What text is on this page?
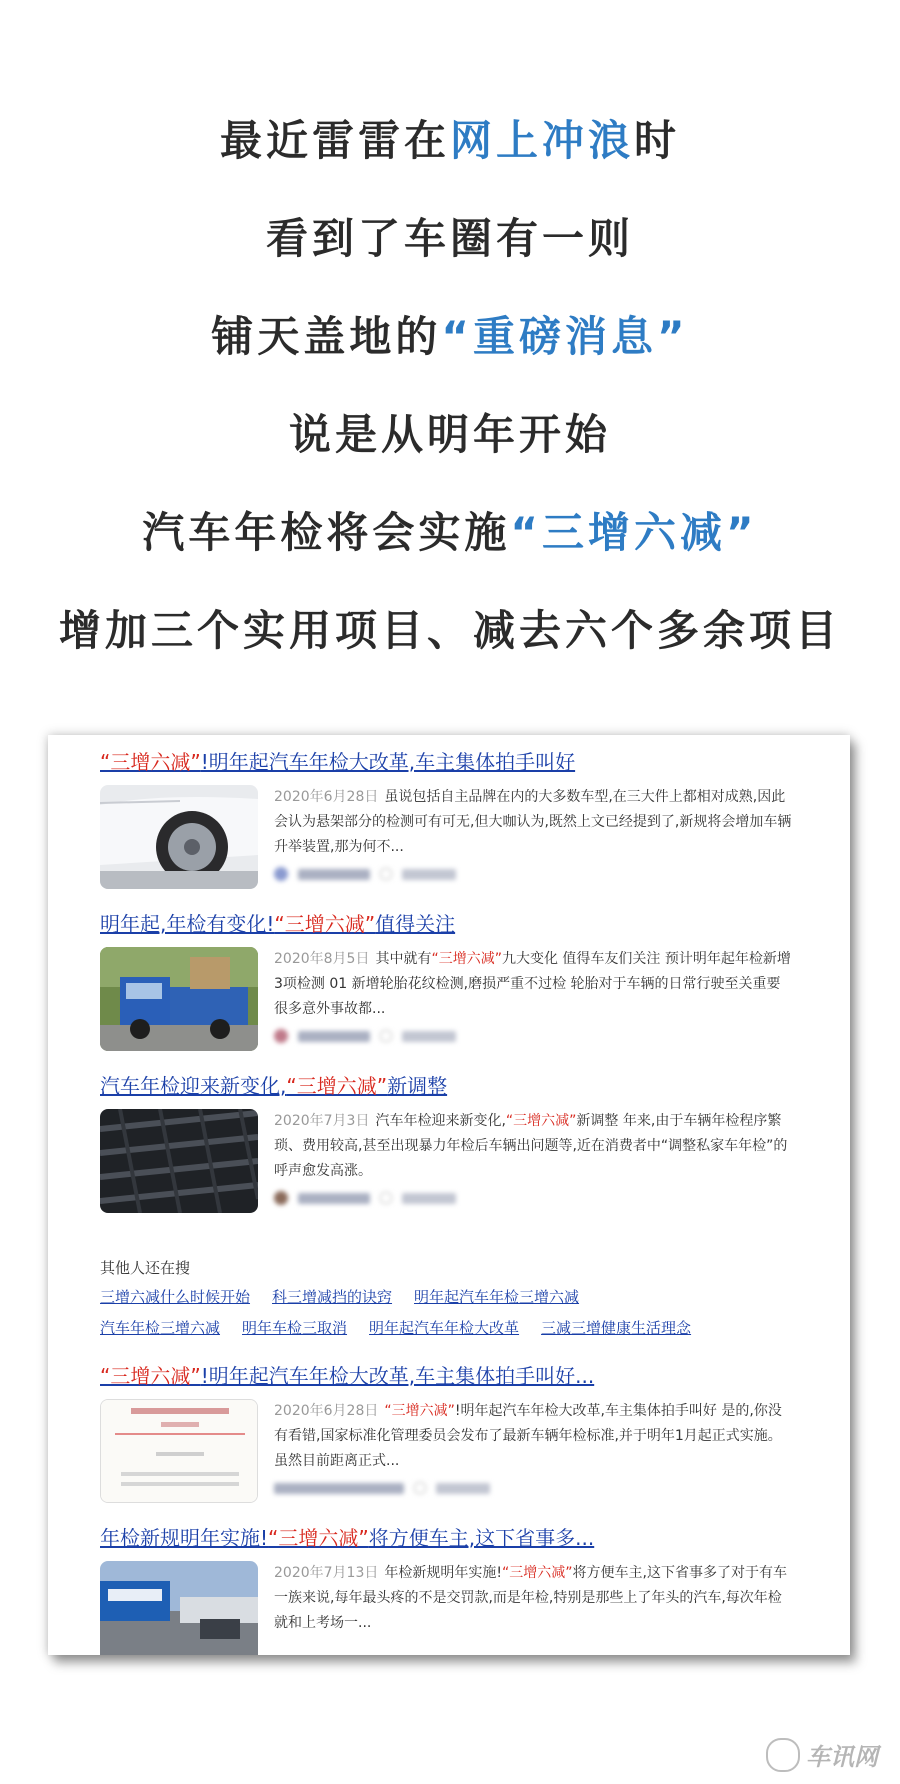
最近雷雷在网上冲浪时
看到了车圈有一则
铺天盖地的“重磅消息”
说是从明年开始
汽车年检将会实施“三增六减”
增加三个实用项目、减去六个多余项目
“三增六减”!明年起汽车年检大改革,车主集体拍手叫好
2020年6月28日 虽说包括自主品牌在内的大多数车型,在三大件上都相对成熟,因此会认为悬架部分的检测可有可无,但大咖认为,既然上文已经提到了,新规将会增加车辆升举装置,那为何不...
明年起,年检有变化!“三增六减”值得关注
2020年8月5日 其中就有“三增六减”九大变化 值得车友们关注 预计明年起年检新增3项检测 01 新增轮胎花纹检测,磨损严重不过检 轮胎对于车辆的日常行驶至关重要 很多意外事故都...
汽车年检迎来新变化,“三增六减”新调整
2020年7月3日 汽车年检迎来新变化,“三增六减”新调整 年来,由于车辆年检程序繁琐、费用较高,甚至出现暴力年检后车辆出问题等,近在消费者中“调整私家车年检”的呼声愈发高涨。
其他人还在搜
三增六减什么时候开始 科三增减挡的诀窍 明年起汽车年检三增六减
汽车年检三增六减 明年车检三取消 明年起汽车年检大改革 三减三增健康生活理念
“三增六减”!明年起汽车年检大改革,车主集体拍手叫好...
2020年6月28日 “三增六减”!明年起汽车年检大改革,车主集体拍手叫好 是的,你没有看错,国家标准化管理委员会发布了最新车辆年检标准,并于明年1月起正式实施。虽然目前距离正式...
年检新规明年实施!“三增六减”将方便车主,这下省事多...
2020年7月13日 年检新规明年实施!“三增六减”将方便车主,这下省事多了对于有车一族来说,每年最头疼的不是交罚款,而是年检,特别是那些上了年头的汽车,每次年检就和上考场一...
车讯网
